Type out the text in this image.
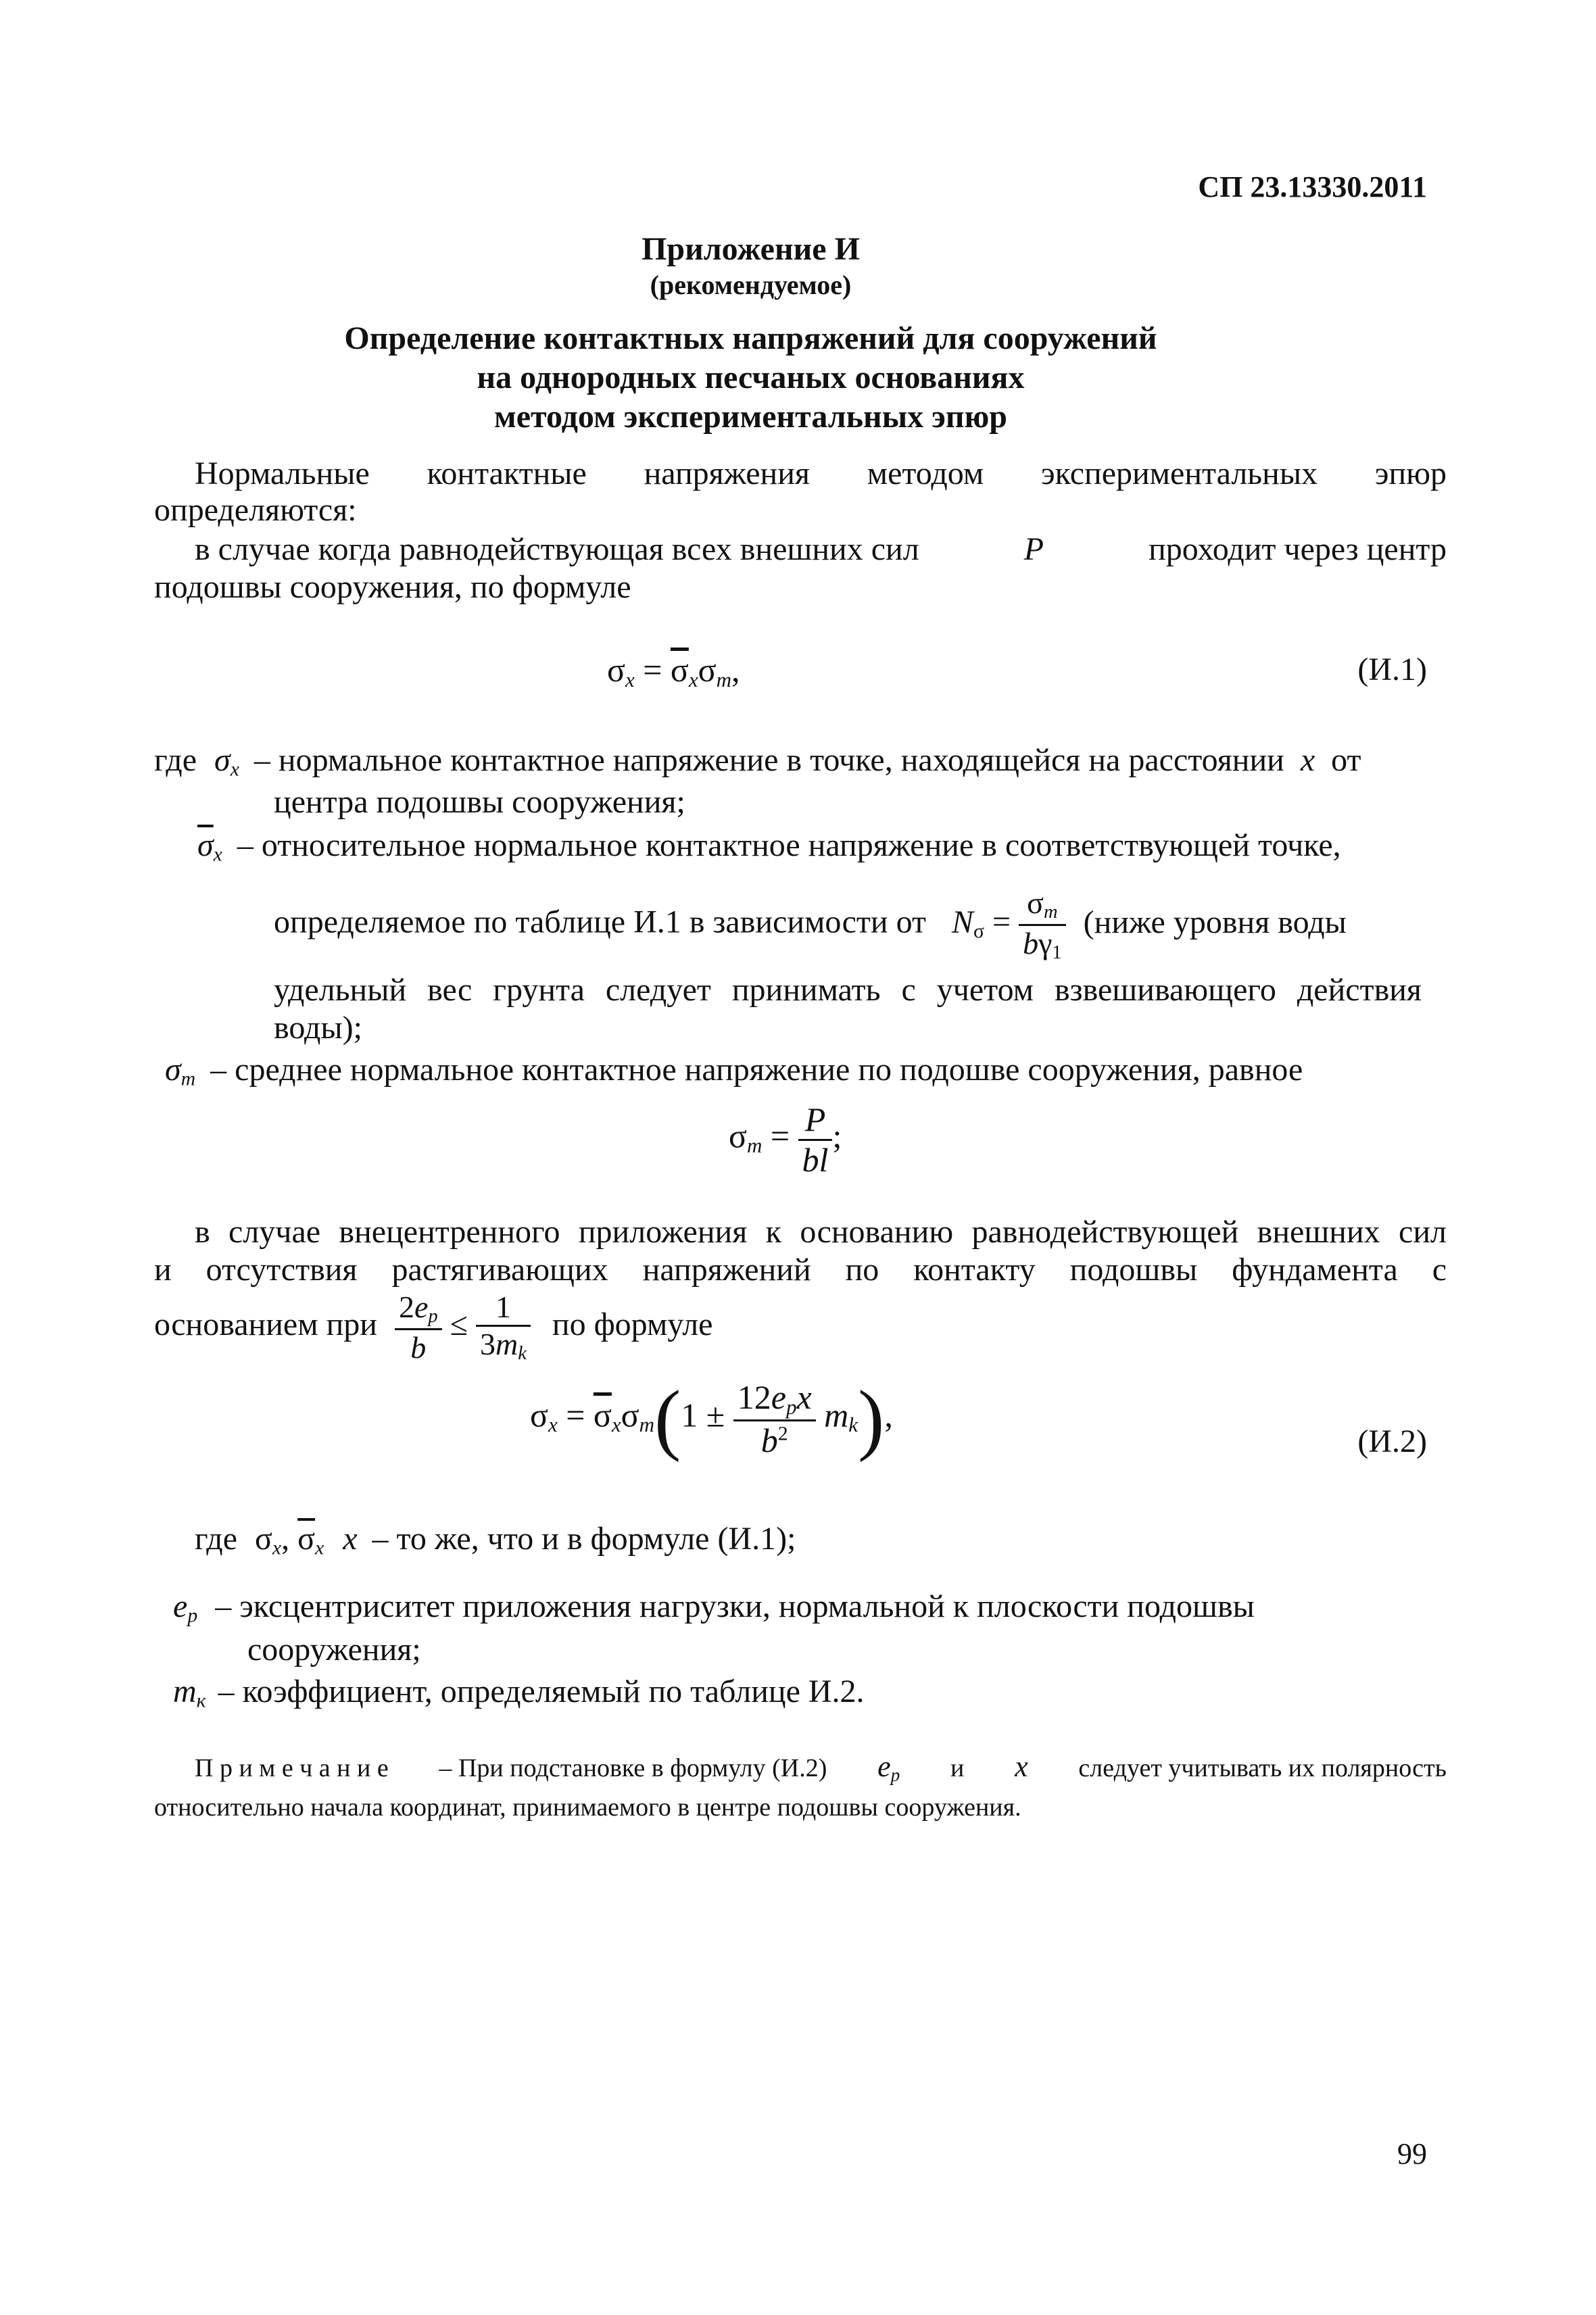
СП 23.13330.2011
Приложение И
(рекомендуемое)
Определение контактных напряжений для сооружений
на однородных песчаных основаниях
методом экспериментальных эпюр
Нормальные контактные напряжения методом экспериментальных эпюр
определяются:
в случае когда равнодействующая всех внешних сил	P	проходит через центр
подошвы сооружения, по формуле
$\sigma_x = \overline{\sigma}_x\sigma_m$,	(И.1)
где $\sigma_x$ – нормальное контактное напряжение в точке, находящейся на расстоянии x от
центра подошвы сооружения;
$\overline{\sigma}_x$ – относительное нормальное контактное напряжение в соответствующей точке,
определяемое по таблице И.1 в зависимости от $N_\sigma = \frac{\sigma_m}{b\gamma_1}$ (ниже уровня воды
удельный вес грунта следует принимать с учетом взвешивающего действия
воды);
$\sigma_m$ – среднее нормальное контактное напряжение по подошве сооружения, равное
$\sigma_m = \frac{P}{bl}$ ;
в случае внецентренного приложения к основанию равнодействующей внешних сил
и отсутствия растягивающих напряжений по контакту подошвы фундамента с
основанием при $\frac{2e_p}{b} \le \frac{1}{3m_k}$ по формуле
$\sigma_x = \overline{\sigma}_x\sigma_m(1 \pm \frac{12e_px}{b^2} m_k)$,
(И.2)
где $\sigma_x$, $\overline{\sigma}_x$ x – то же, что и в формуле (И.1);
$e_p$ – эксцентриситет приложения нагрузки, нормальной к плоскости подошвы
сооружения;
$m_к$ – коэффициент, определяемый по таблице И.2.
П р и м е ч а н и е – При подстановке в формулу (И.2) $e_p$ и x следует учитывать их полярность
относительно начала координат, принимаемого в центре подошвы сооружения.
99
